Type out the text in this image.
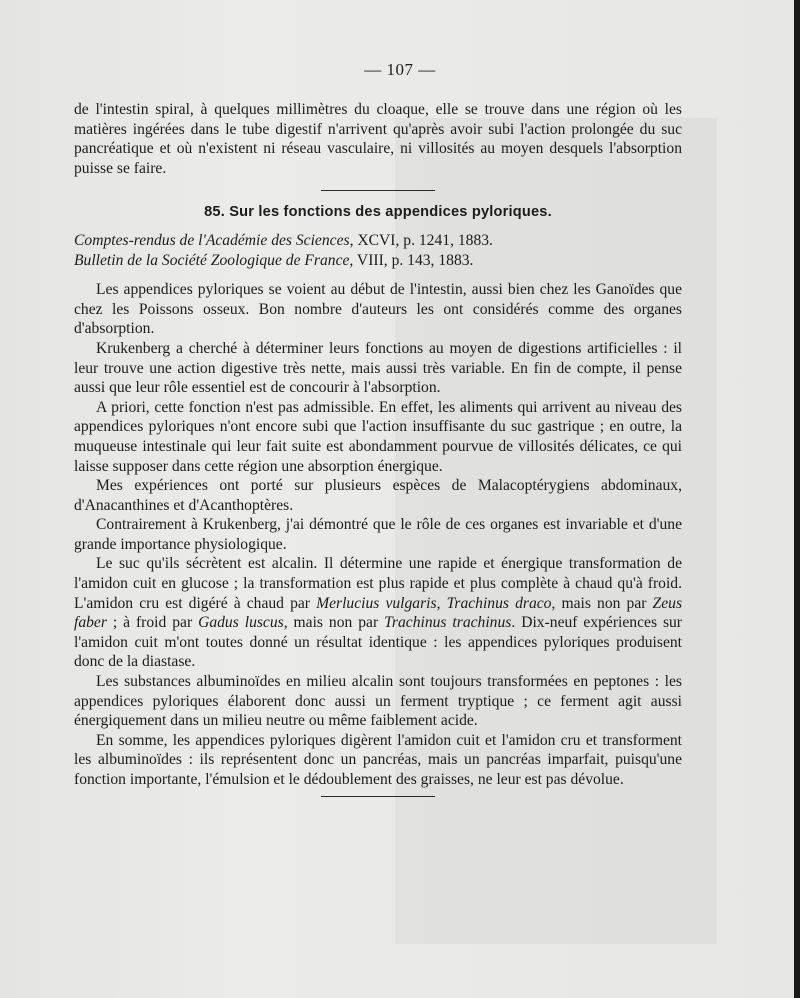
— 107 —

de l'intestin spiral, à quelques millimètres du cloaque, elle se trouve dans une région où les matières ingérées dans le tube digestif n'arrivent qu'après avoir subi l'action prolongée du suc pancréatique et où n'existent ni réseau vasculaire, ni villosités au moyen desquels l'absorption puisse se faire.

85. Sur les fonctions des appendices pyloriques.

Comptes-rendus de l'Académie des Sciences, XCVI, p. 1241, 1883.

Bulletin de la Société Zoologique de France, VIII, p. 143, 1883.

Les appendices pyloriques se voient au début de l'intestin, aussi bien chez les Ganoïdes que chez les Poissons osseux. Bon nombre d'auteurs les ont considérés comme des organes d'absorption.

Krukenberg a cherché à déterminer leurs fonctions au moyen de digestions artificielles : il leur trouve une action digestive très nette, mais aussi très variable. En fin de compte, il pense aussi que leur rôle essentiel est de concourir à l'absorption.

A priori, cette fonction n'est pas admissible. En effet, les aliments qui arrivent au niveau des appendices pyloriques n'ont encore subi que l'action insuffisante du suc gastrique ; en outre, la muqueuse intestinale qui leur fait suite est abondamment pourvue de villosités délicates, ce qui laisse supposer dans cette région une absorption énergique.

Mes expériences ont porté sur plusieurs espèces de Malacoptérygiens abdominaux, d'Anacanthines et d'Acanthoptères.

Contrairement à Krukenberg, j'ai démontré que le rôle de ces organes est invariable et d'une grande importance physiologique.

Le suc qu'ils sécrètent est alcalin. Il détermine une rapide et énergique transformation de l'amidon cuit en glucose ; la transformation est plus rapide et plus complète à chaud qu'à froid. L'amidon cru est digéré à chaud par Merlucius vulgaris, Trachinus draco, mais non par Zeus faber ; à froid par Gadus luscus, mais non par Trachinus trachinus. Dix-neuf expériences sur l'amidon cuit m'ont toutes donné un résultat identique : les appendices pyloriques produisent donc de la diastase.

Les substances albuminoïdes en milieu alcalin sont toujours transformées en peptones : les appendices pyloriques élaborent donc aussi un ferment tryptique ; ce ferment agit aussi énergiquement dans un milieu neutre ou même faiblement acide.

En somme, les appendices pyloriques digèrent l'amidon cuit et l'amidon cru et transforment les albuminoïdes : ils représentent donc un pancréas, mais un pancréas imparfait, puisqu'une fonction importante, l'émulsion et le dédoublement des graisses, ne leur est pas dévolue.
